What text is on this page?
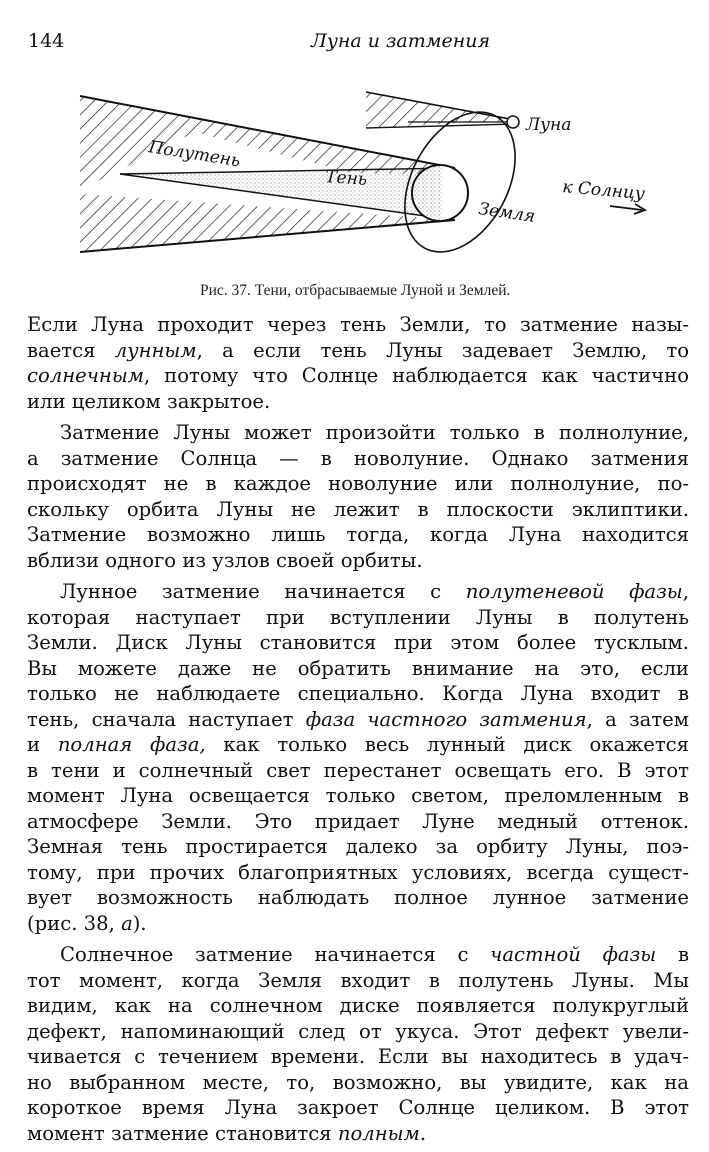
144	Луна и затмения
Полутень
Тень
Луна
к Солнцу
Земля
Рис. 37. Тени, отбрасываемые Луной и Землей.
Если Луна проходит через тень Земли, то затмение назы-
вается лунным, а если тень Луны задевает Землю, то
солнечным, потому что Солнце наблюдается как частично
или целиком закрытое.
Затмение Луны может произойти только в полнолуние,
а затмение Солнца — в новолуние. Однако затмения
происходят не в каждое новолуние или полнолуние, по-
скольку орбита Луны не лежит в плоскости эклиптики.
Затмение возможно лишь тогда, когда Луна находится
вблизи одного из узлов своей орбиты.
Лунное затмение начинается с полутеневой фазы,
которая наступает при вступлении Луны в полутень
Земли. Диск Луны становится при этом более тусклым.
Вы можете даже не обратить внимание на это, если
только не наблюдаете специально. Когда Луна входит в
тень, сначала наступает фаза частного затмения, а затем
и полная фаза, как только весь лунный диск окажется
в тени и солнечный свет перестанет освещать его. В этот
момент Луна освещается только светом, преломленным в
атмосфере Земли. Это придает Луне медный оттенок.
Земная тень простирается далеко за орбиту Луны, поэ-
тому, при прочих благоприятных условиях, всегда сущест-
вует возможность наблюдать полное лунное затмение
(рис. 38, а).
Солнечное затмение начинается с частной фазы в
тот момент, когда Земля входит в полутень Луны. Мы
видим, как на солнечном диске появляется полукруглый
дефект, напоминающий след от укуса. Этот дефект увели-
чивается с течением времени. Если вы находитесь в удач-
но выбранном месте, то, возможно, вы увидите, как на
короткое время Луна закроет Солнце целиком. В этот
момент затмение становится полным.
